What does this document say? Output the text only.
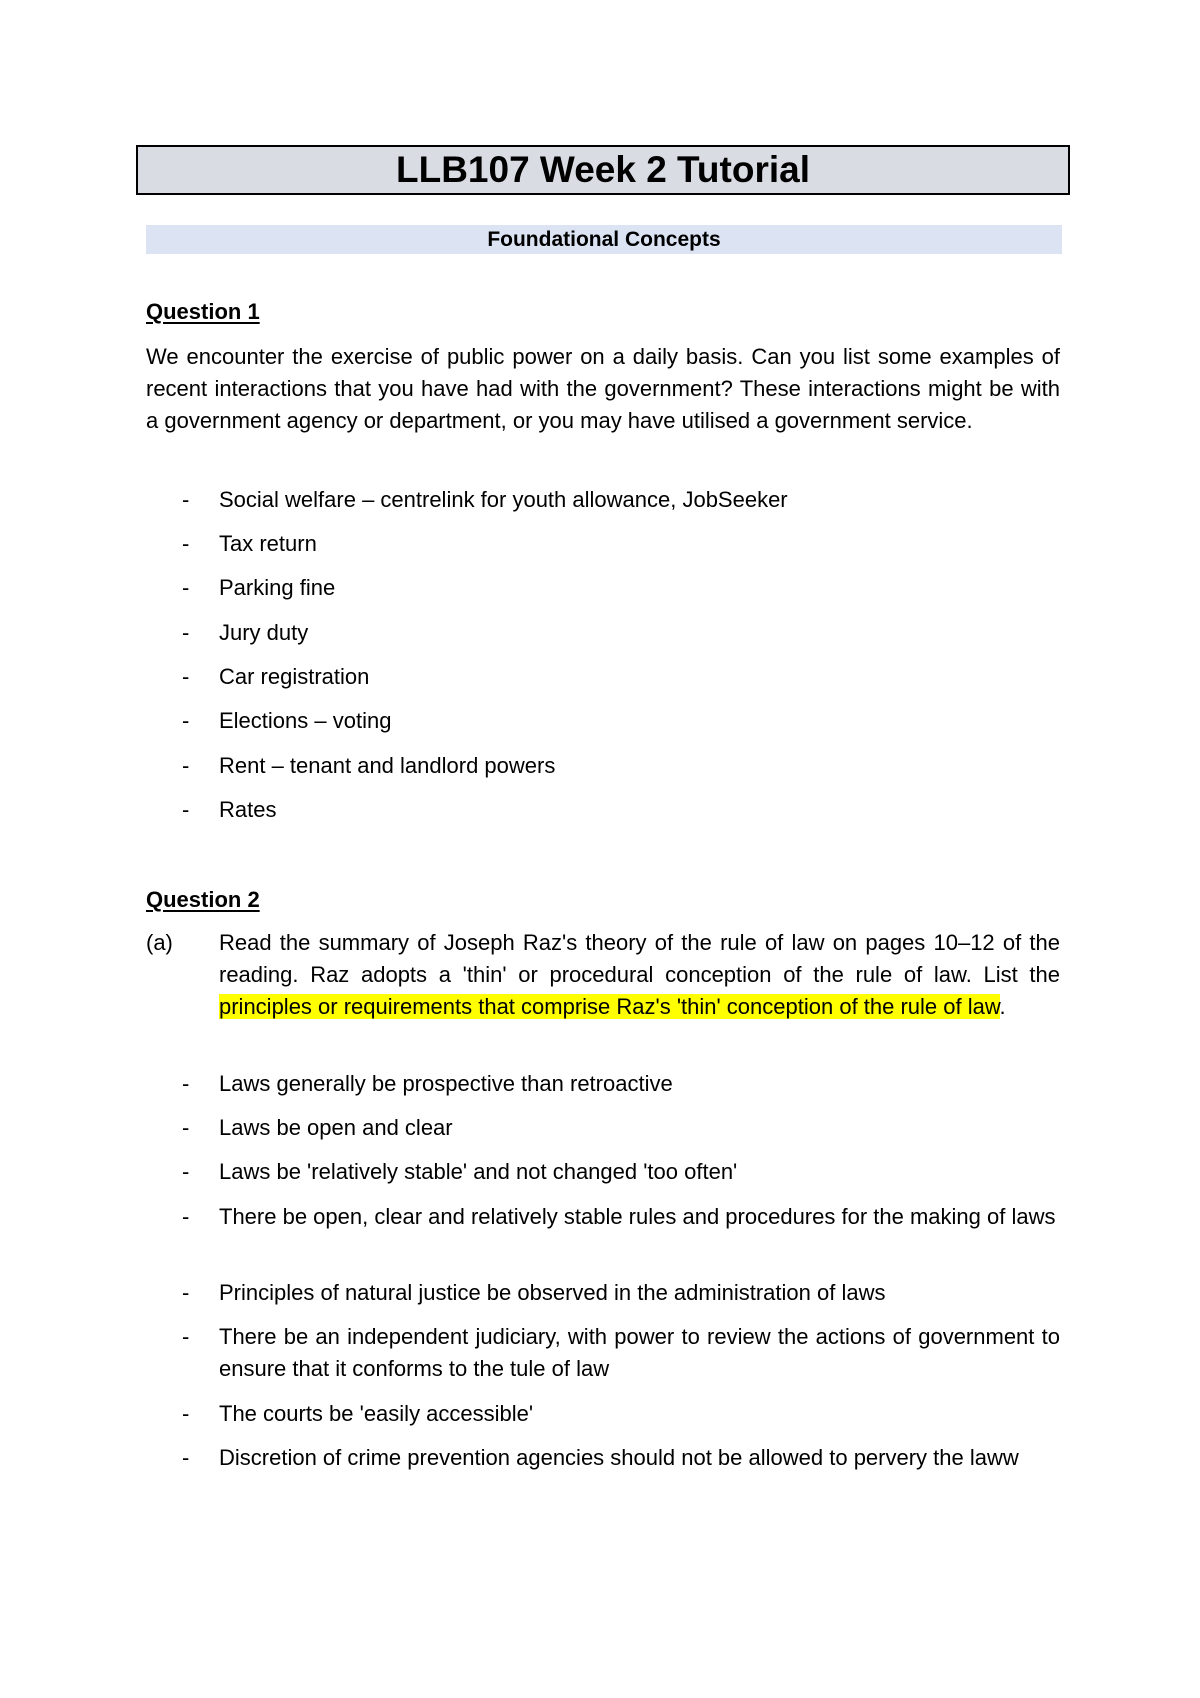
LLB107 Week 2 Tutorial
Foundational Concepts
Question 1
We encounter the exercise of public power on a daily basis. Can you list some examples of recent interactions that you have had with the government? These interactions might be with a government agency or department, or you may have utilised a government service.
- Social welfare – centrelink for youth allowance, JobSeeker
- Tax return
- Parking fine
- Jury duty
- Car registration
- Elections – voting
- Rent – tenant and landlord powers
- Rates
Question 2
(a) Read the summary of Joseph Raz's theory of the rule of law on pages 10–12 of the reading. Raz adopts a 'thin' or procedural conception of the rule of law. List the principles or requirements that comprise Raz's 'thin' conception of the rule of law.
- Laws generally be prospective than retroactive
- Laws be open and clear
- Laws be 'relatively stable' and not changed 'too often'
- There be open, clear and relatively stable rules and procedures for the making of laws
- Principles of natural justice be observed in the administration of laws
- There be an independent judiciary, with power to review the actions of government to ensure that it conforms to the tule of law
- The courts be 'easily accessible'
- Discretion of crime prevention agencies should not be allowed to pervery the laww
